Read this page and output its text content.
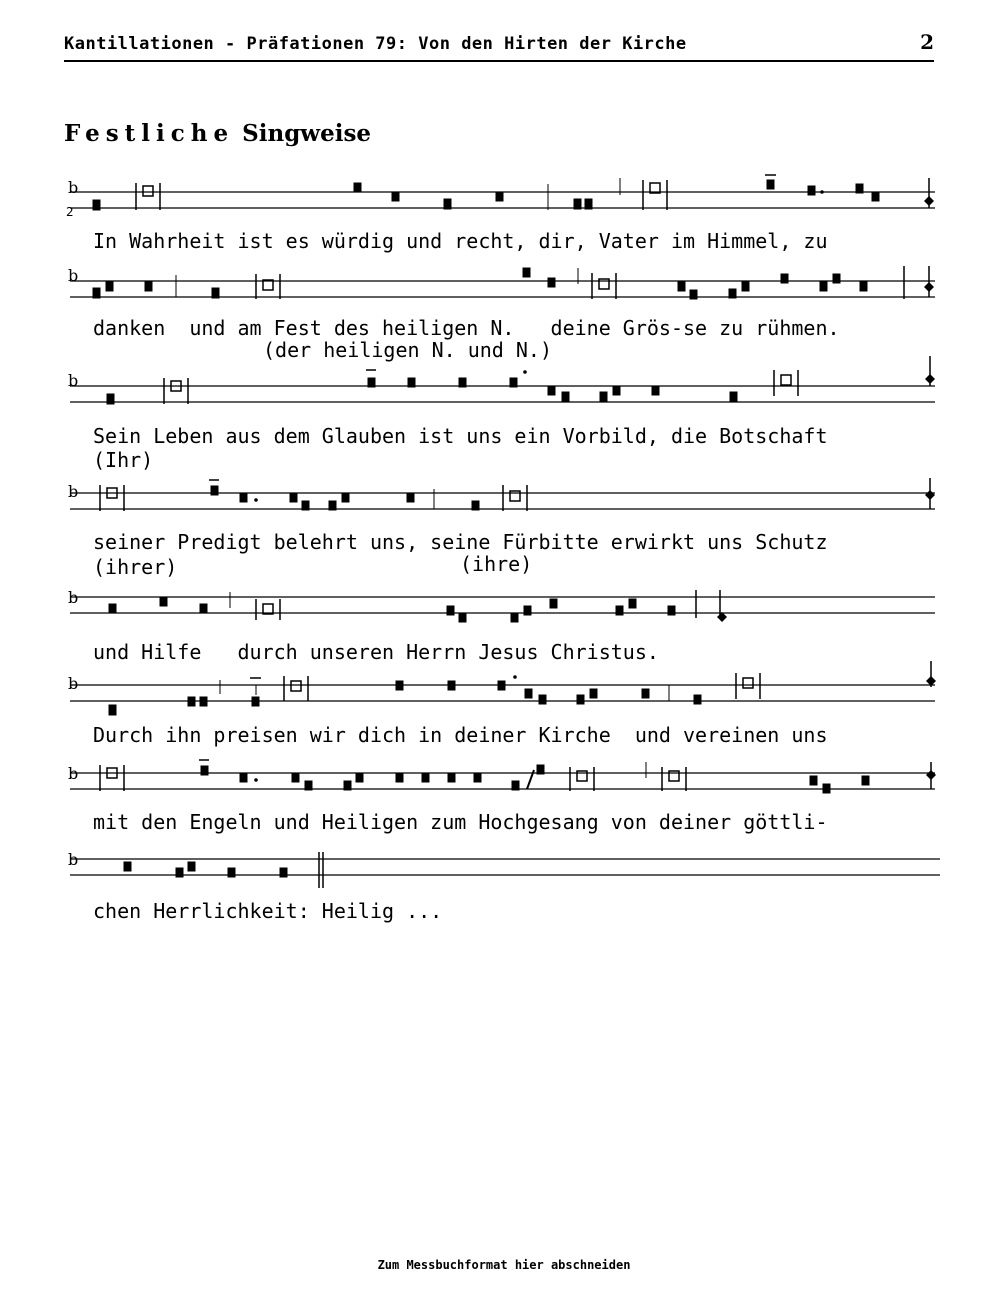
Kantillationen - Präfationen 79: Von den Hirten der Kirche	2
Festliche Singweise
b
2
b
b
b
b
b
b
b
In Wahrheit ist es würdig und recht, dir, Vater im Himmel, zu
danken  und am Fest des heiligen N.   deine Grös-se zu rühmen.
(der heiligen N. und N.)
Sein Leben aus dem Glauben ist uns ein Vorbild, die Botschaft
(Ihr)
seiner Predigt belehrt uns, seine Fürbitte erwirkt uns Schutz
(ihrer)	(ihre)
und Hilfe   durch unseren Herrn Jesus Christus.
Durch ihn preisen wir dich in deiner Kirche  und vereinen uns
mit den Engeln und Heiligen zum Hochgesang von deiner göttli-
chen Herrlichkeit: Heilig ...
Zum Messbuchformat hier abschneiden
